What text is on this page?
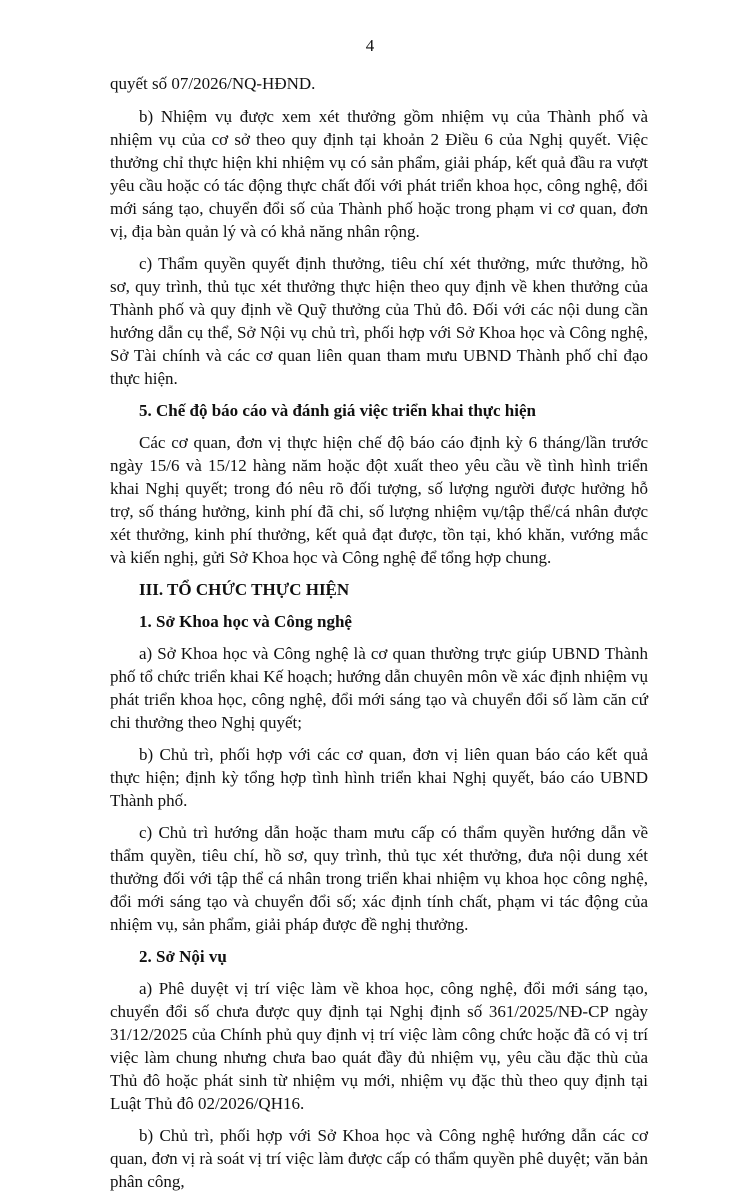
4

quyết số 07/2026/NQ-HĐND.

b) Nhiệm vụ được xem xét thưởng gồm nhiệm vụ của Thành phố và nhiệm vụ của cơ sở theo quy định tại khoản 2 Điều 6 của Nghị quyết. Việc thưởng chỉ thực hiện khi nhiệm vụ có sản phẩm, giải pháp, kết quả đầu ra vượt yêu cầu hoặc có tác động thực chất đối với phát triển khoa học, công nghệ, đổi mới sáng tạo, chuyển đổi số của Thành phố hoặc trong phạm vi cơ quan, đơn vị, địa bàn quản lý và có khả năng nhân rộng.

c) Thẩm quyền quyết định thưởng, tiêu chí xét thưởng, mức thưởng, hồ sơ, quy trình, thủ tục xét thưởng thực hiện theo quy định về khen thưởng của Thành phố và quy định về Quỹ thưởng của Thủ đô. Đối với các nội dung cần hướng dẫn cụ thể, Sở Nội vụ chủ trì, phối hợp với Sở Khoa học và Công nghệ, Sở Tài chính và các cơ quan liên quan tham mưu UBND Thành phố chỉ đạo thực hiện.

5. Chế độ báo cáo và đánh giá việc triển khai thực hiện

Các cơ quan, đơn vị thực hiện chế độ báo cáo định kỳ 6 tháng/lần trước ngày 15/6 và 15/12 hàng năm hoặc đột xuất theo yêu cầu về tình hình triển khai Nghị quyết; trong đó nêu rõ đối tượng, số lượng người được hưởng hỗ trợ, số tháng hưởng, kinh phí đã chi, số lượng nhiệm vụ/tập thể/cá nhân được xét thưởng, kinh phí thưởng, kết quả đạt được, tồn tại, khó khăn, vướng mắc và kiến nghị, gửi Sở Khoa học và Công nghệ để tổng hợp chung.

III. TỔ CHỨC THỰC HIỆN
1. Sở Khoa học và Công nghệ

a) Sở Khoa học và Công nghệ là cơ quan thường trực giúp UBND Thành phố tổ chức triển khai Kế hoạch; hướng dẫn chuyên môn về xác định nhiệm vụ phát triển khoa học, công nghệ, đổi mới sáng tạo và chuyển đổi số làm căn cứ chi thưởng theo Nghị quyết;

b) Chủ trì, phối hợp với các cơ quan, đơn vị liên quan báo cáo kết quả thực hiện; định kỳ tổng hợp tình hình triển khai Nghị quyết, báo cáo UBND Thành phố.

c) Chủ trì hướng dẫn hoặc tham mưu cấp có thẩm quyền hướng dẫn về thẩm quyền, tiêu chí, hồ sơ, quy trình, thủ tục xét thưởng, đưa nội dung xét thưởng đối với tập thể cá nhân trong triển khai nhiệm vụ khoa học công nghệ, đổi mới sáng tạo và chuyển đổi số; xác định tính chất, phạm vi tác động của nhiệm vụ, sản phẩm, giải pháp được đề nghị thưởng.

2. Sở Nội vụ

a) Phê duyệt vị trí việc làm về khoa học, công nghệ, đổi mới sáng tạo, chuyển đổi số chưa được quy định tại Nghị định số 361/2025/NĐ-CP ngày 31/12/2025 của Chính phủ quy định vị trí việc làm công chức hoặc đã có vị trí việc làm chung nhưng chưa bao quát đầy đủ nhiệm vụ, yêu cầu đặc thù của Thủ đô hoặc phát sinh từ nhiệm vụ mới, nhiệm vụ đặc thù theo quy định tại Luật Thủ đô 02/2026/QH16.

b) Chủ trì, phối hợp với Sở Khoa học và Công nghệ hướng dẫn các cơ quan, đơn vị rà soát vị trí việc làm được cấp có thẩm quyền phê duyệt; văn bản phân công,
